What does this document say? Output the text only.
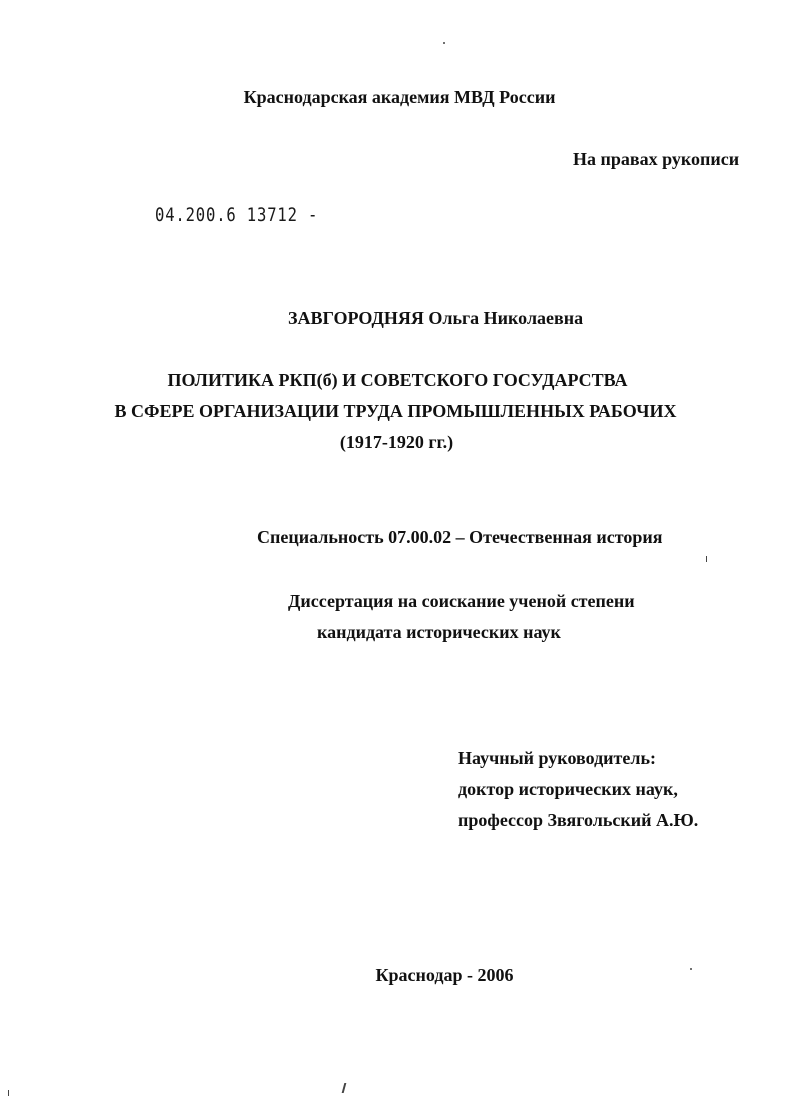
Краснодарская академия МВД России
На правах рукописи
04.200.6 13712 -
ЗАВГОРОДНЯЯ Ольга Николаевна
ПОЛИТИКА РКП(б) И СОВЕТСКОГО ГОСУДАРСТВА
В СФЕРЕ ОРГАНИЗАЦИИ ТРУДА ПРОМЫШЛЕННЫХ РАБОЧИХ
(1917-1920 гг.)
Специальность 07.00.02 – Отечественная история
Диссертация на соискание ученой степени
кандидата исторических наук
Научный руководитель:
доктор исторических наук,
профессор Звягольский А.Ю.
Краснодар - 2006
